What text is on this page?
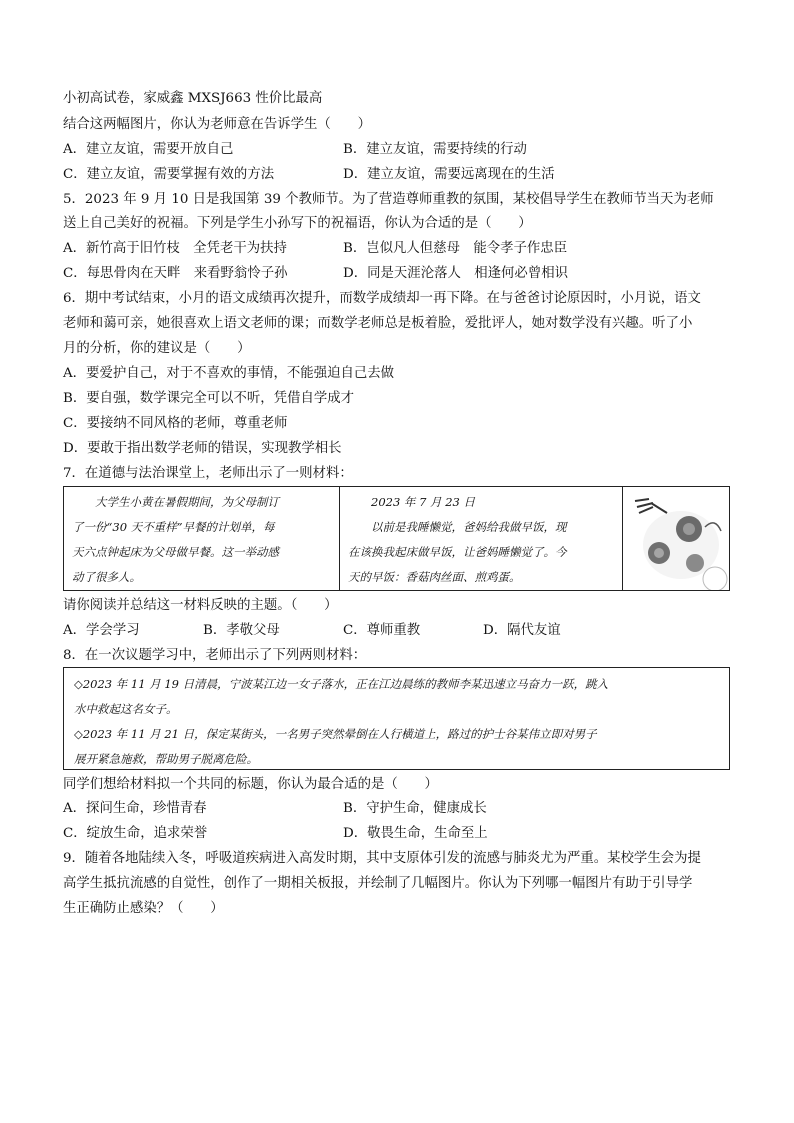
小初高试卷，家威鑫 MXSJ663 性价比最高
结合这两幅图片，你认为老师意在告诉学生（　　）
A．建立友谊，需要开放自己	B．建立友谊，需要持续的行动
C．建立友谊，需要掌握有效的方法	D．建立友谊，需要远离现在的生活
5．2023 年 9 月 10 日是我国第 39 个教师节。为了营造尊师重教的氛围，某校倡导学生在教师节当天为老师
送上自己美好的祝福。下列是学生小孙写下的祝福语，你认为合适的是（　　）
A．新竹高于旧竹枝　全凭老干为扶持	B．岂似凡人但慈母　能令孝子作忠臣
C．每思骨肉在天畔　来看野翁怜子孙	D．同是天涯沦落人　相逢何必曾相识
6．期中考试结束，小月的语文成绩再次提升，而数学成绩却一再下降。在与爸爸讨论原因时，小月说，语文
老师和蔼可亲，她很喜欢上语文老师的课；而数学老师总是板着脸，爱批评人，她对数学没有兴趣。听了小
月的分析，你的建议是（　　）
A．要爱护自己，对于不喜欢的事情，不能强迫自己去做
B．要自强，数学课完全可以不听，凭借自学成才
C．要接纳不同风格的老师，尊重老师
D．要敢于指出数学老师的错误，实现教学相长
7．在道德与法治课堂上，老师出示了一则材料：
大学生小黄在暑假期间，为父母制订
了一份“30 天不重样”早餐的计划单，每
天六点钟起床为父母做早餐。这一举动感
动了很多人。
2023 年 7 月 23 日
以前是我睡懒觉，爸妈给我做早饭，现
在该换我起床做早饭，让爸妈睡懒觉了。今
天的早饭：香菇肉丝面、煎鸡蛋。
请你阅读并总结这一材料反映的主题。（　　）
A．学会学习	B．孝敬父母	C．尊师重教	D．隔代友谊
8．在一次议题学习中，老师出示了下列两则材料：
◇2023 年 11 月 19 日清晨，宁波某江边一女子落水，正在江边晨练的教师李某迅速立马奋力一跃，跳入
水中救起这名女子。
◇2023 年 11 月 21 日，保定某街头，一名男子突然晕倒在人行横道上，路过的护士谷某伟立即对男子
展开紧急施救，帮助男子脱离危险。
同学们想给材料拟一个共同的标题，你认为最合适的是（　　）
A．探问生命，珍惜青春	B．守护生命，健康成长
C．绽放生命，追求荣誉	D．敬畏生命，生命至上
9．随着各地陆续入冬，呼吸道疾病进入高发时期，其中支原体引发的流感与肺炎尤为严重。某校学生会为提
高学生抵抗流感的自觉性，创作了一期相关板报，并绘制了几幅图片。你认为下列哪一幅图片有助于引导学
生正确防止感染？（　　）
